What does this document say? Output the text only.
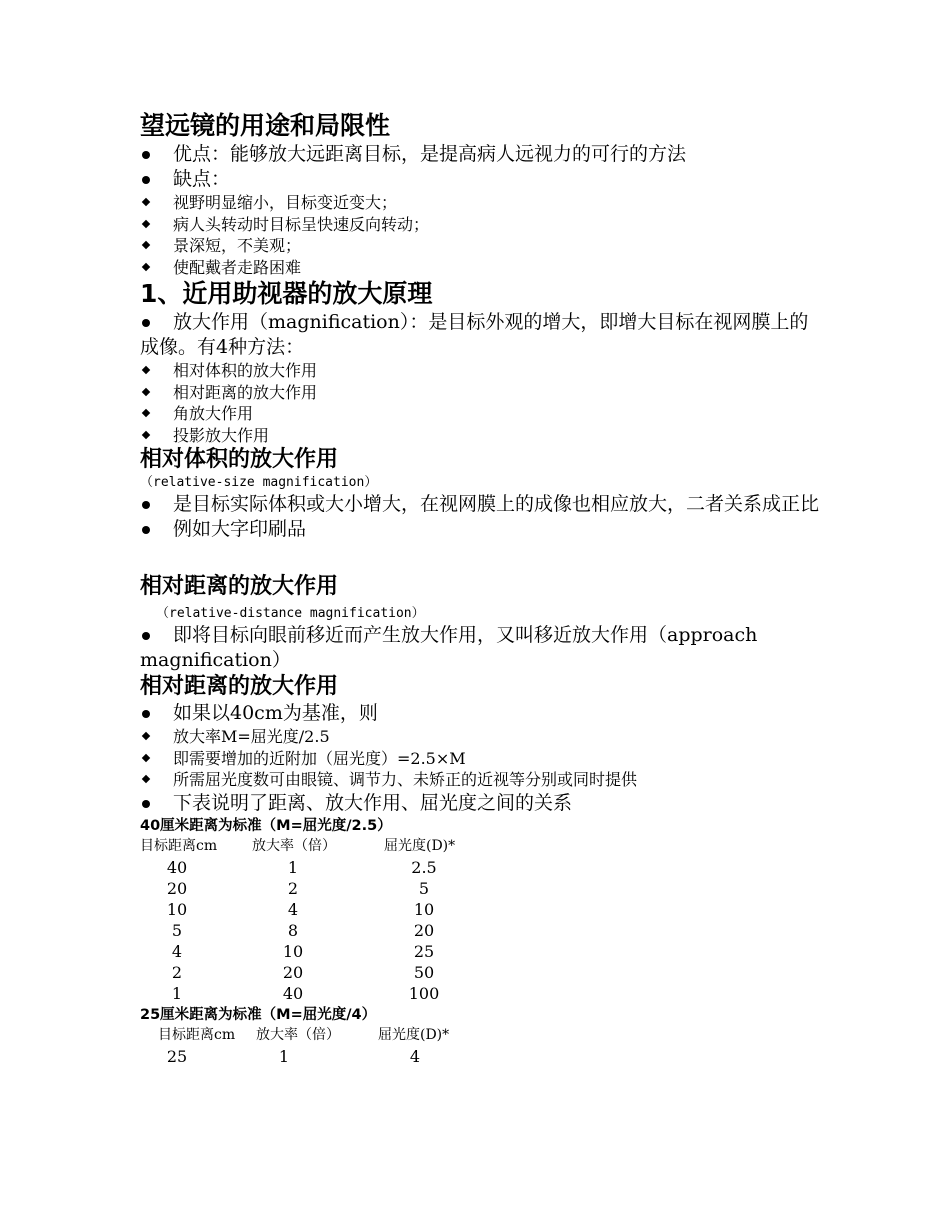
望远镜的用途和局限性

优点：能够放大远距离目标，是提高病人远视力的可行的方法

缺点：

视野明显缩小，目标变近变大；

病人头转动时目标呈快速反向转动；

景深短，不美观；

使配戴者走路困难

1、近用助视器的放大原理

放大作用（magnification）：是目标外观的增大，即增大目标在视网膜上的成像。有4种方法：

相对体积的放大作用

相对距离的放大作用

角放大作用

投影放大作用

相对体积的放大作用

（relative-size magnification）

是目标实际体积或大小增大，在视网膜上的成像也相应放大，二者关系成正比

例如大字印刷品

相对距离的放大作用

（relative-distance magnification）

即将目标向眼前移近而产生放大作用，又叫移近放大作用（approach magnification）

相对距离的放大作用

如果以40cm为基准，则

放大率M=屈光度/2.5

即需要增加的近附加（屈光度）=2.5×M

所需屈光度数可由眼镜、调节力、未矫正的近视等分别或同时提供

下表说明了距离、放大作用、屈光度之间的关系

40厘米距离为标准（M=屈光度/2.5）

目标距离cm 放大率（倍）	屈光度(D)*
40	1	2.5
20	2	5
10	4	10
5	8	20
4	10	25
2	20	50
1	40	100

25厘米距离为标准（M=屈光度/4）

目标距离cm 放大率（倍）	屈光度(D)*
25	1	4
